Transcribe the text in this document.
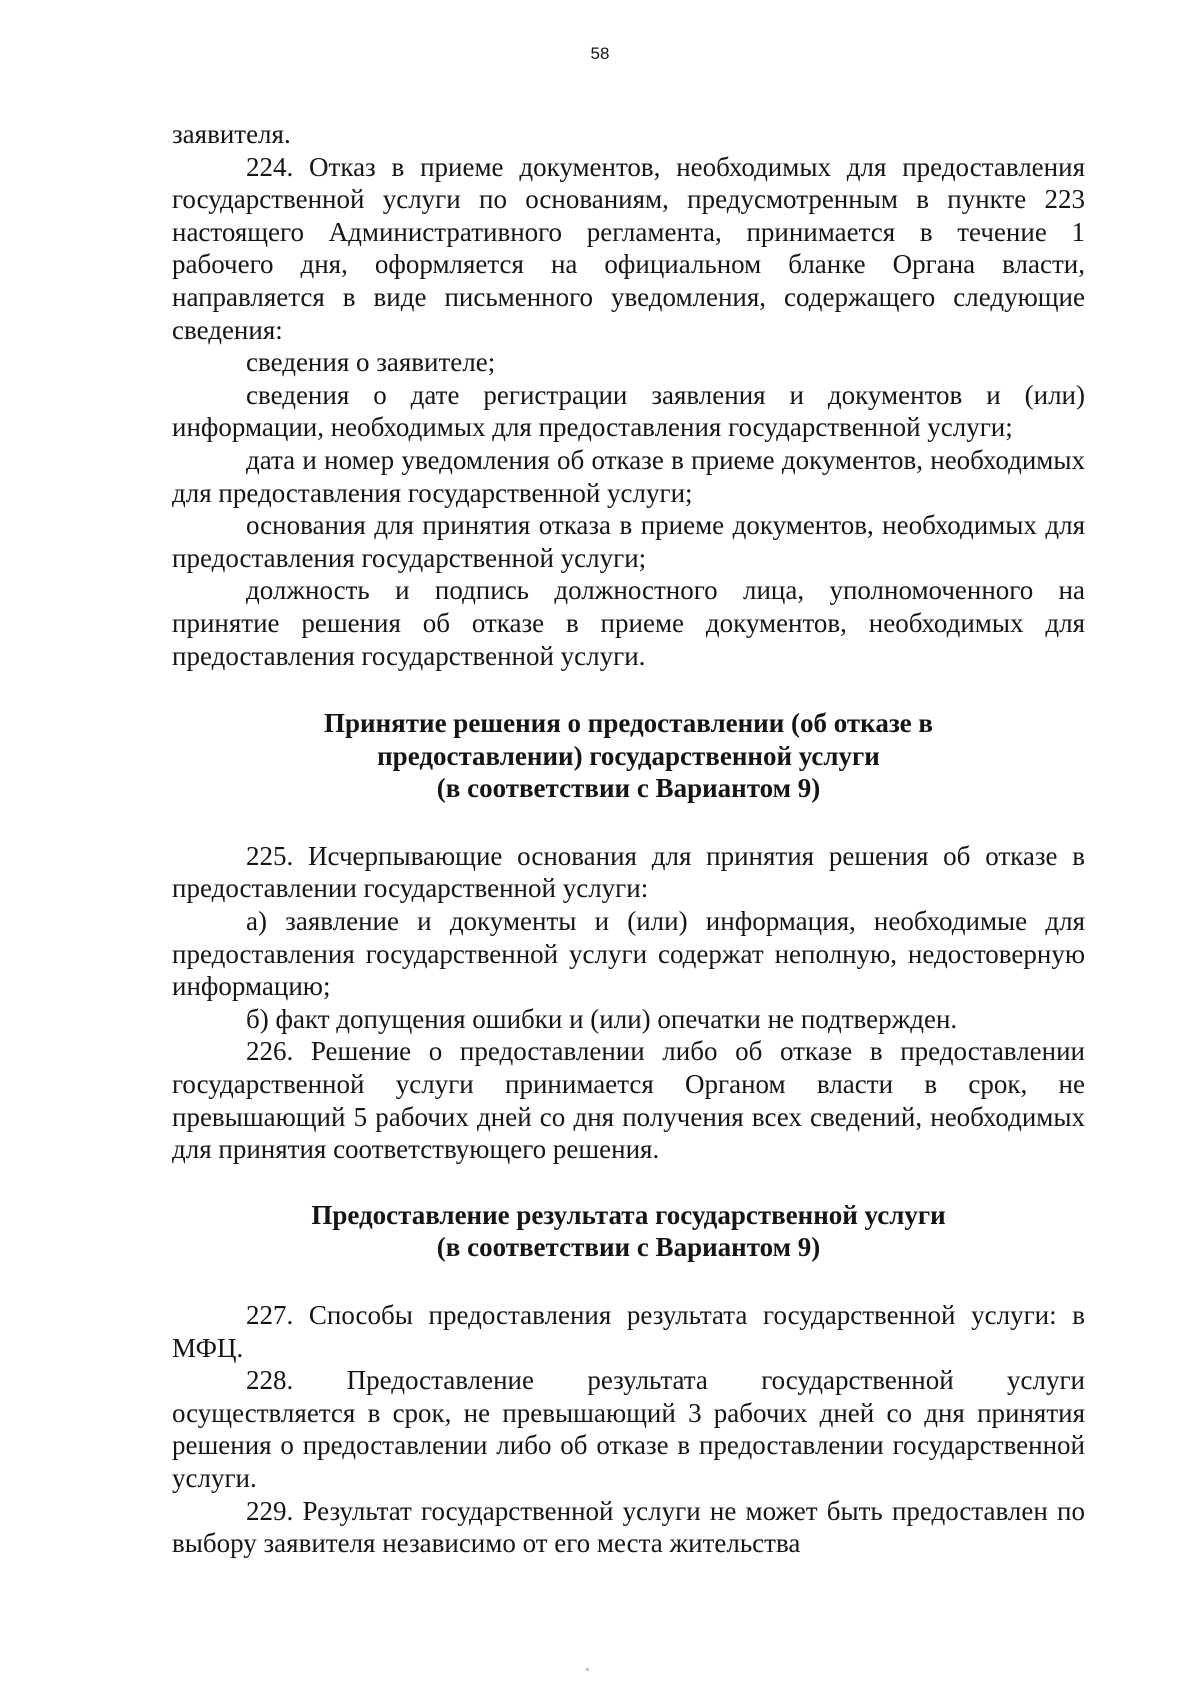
58

заявителя.

224. Отказ в приеме документов, необходимых для предоставления государственной услуги по основаниям, предусмотренным в пункте 223 настоящего Административного регламента, принимается в течение 1 рабочего дня, оформляется на официальном бланке Органа власти, направляется в виде письменного уведомления, содержащего следующие сведения:

сведения о заявителе;

сведения о дате регистрации заявления и документов и (или) информации, необходимых для предоставления государственной услуги;

дата и номер уведомления об отказе в приеме документов, необходимых для предоставления государственной услуги;

основания для принятия отказа в приеме документов, необходимых для предоставления государственной услуги;

должность и подпись должностного лица, уполномоченного на принятие решения об отказе в приеме документов, необходимых для предоставления государственной услуги.

Принятие решения о предоставлении (об отказе в

предоставлении) государственной услуги

(в соответствии с Вариантом 9)

225. Исчерпывающие основания для принятия решения об отказе в предоставлении государственной услуги:

а) заявление и документы и (или) информация, необходимые для предоставления государственной услуги содержат неполную, недостоверную информацию;

б) факт допущения ошибки и (или) опечатки не подтвержден.

226. Решение о предоставлении либо об отказе в предоставлении государственной услуги принимается Органом власти в срок, не превышающий 5 рабочих дней со дня получения всех сведений, необходимых для принятия соответствующего решения.

Предоставление результата государственной услуги

(в соответствии с Вариантом 9)

227. Способы предоставления результата государственной услуги: в МФЦ.

228. Предоставление результата государственной услуги осуществляется в срок, не превышающий 3 рабочих дней со дня принятия решения о предоставлении либо об отказе в предоставлении государственной услуги.

229. Результат государственной услуги не может быть предоставлен по выбору заявителя независимо от его места жительства
